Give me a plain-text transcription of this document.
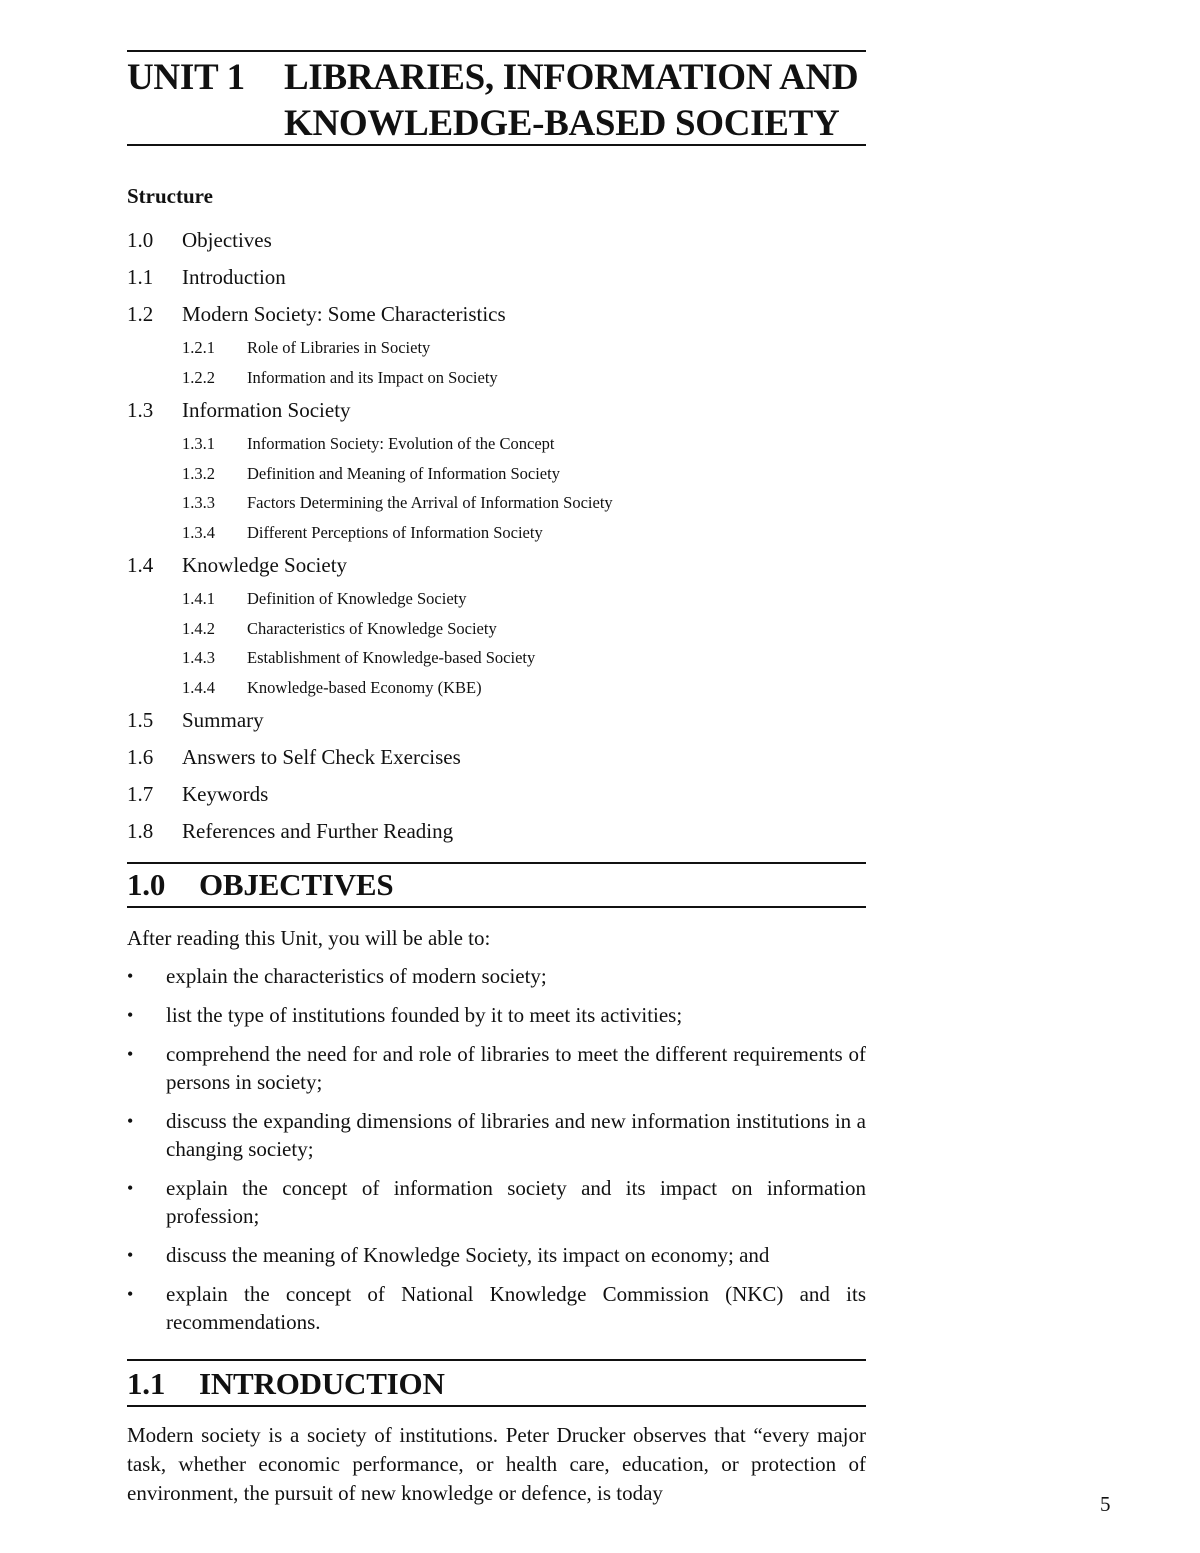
UNIT 1 LIBRARIES, INFORMATION AND
KNOWLEDGE-BASED SOCIETY
Structure
1.0 Objectives
1.1 Introduction
1.2 Modern Society: Some Characteristics
1.2.1 Role of Libraries in Society
1.2.2 Information and its Impact on Society
1.3 Information Society
1.3.1 Information Society: Evolution of the Concept
1.3.2 Definition and Meaning of Information Society
1.3.3 Factors Determining the Arrival of Information Society
1.3.4 Different Perceptions of Information Society
1.4 Knowledge Society
1.4.1 Definition of Knowledge Society
1.4.2 Characteristics of Knowledge Society
1.4.3 Establishment of Knowledge-based Society
1.4.4 Knowledge-based Economy (KBE)
1.5 Summary
1.6 Answers to Self Check Exercises
1.7 Keywords
1.8 References and Further Reading
1.0 OBJECTIVES

After reading this Unit, you will be able to:

• explain the characteristics of modern society;
• list the type of institutions founded by it to meet its activities;
• comprehend the need for and role of libraries to meet the different requirements of persons in society;
• discuss the expanding dimensions of libraries and new information institutions in a changing society;
• explain the concept of information society and its impact on information profession;
• discuss the meaning of Knowledge Society, its impact on economy; and
• explain the concept of National Knowledge Commission (NKC) and its recommendations.
1.1 INTRODUCTION

Modern society is a society of institutions. Peter Drucker observes that “every major task, whether economic performance, or health care, education, or protection of environment, the pursuit of new knowledge or defence, is today	5
